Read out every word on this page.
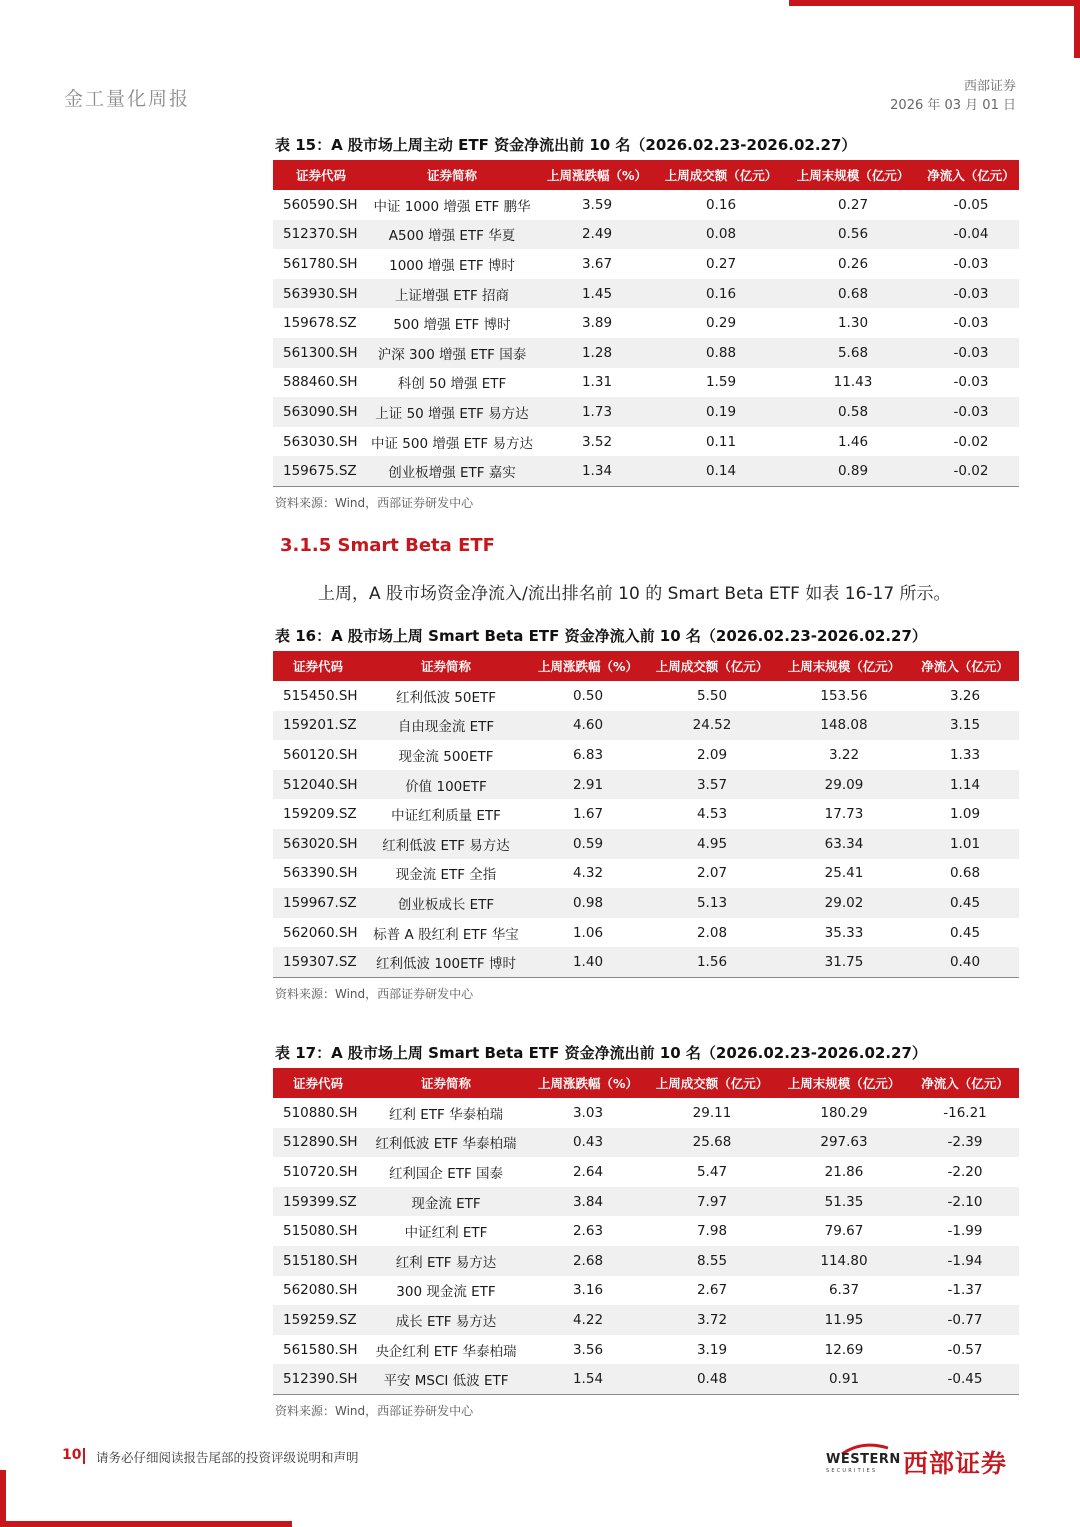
金工量化周报
西部证券
2026 年 03 月 01 日
表 15：A 股市场上周主动 ETF 资金净流出前 10 名（2026.02.23-2026.02.27）
证券代码	证券简称	上周涨跌幅（%）	上周成交额（亿元）	上周末规模（亿元）	净流入（亿元）
560590.SH	中证 1000 增强 ETF 鹏华	3.59	0.16	0.27	-0.05
512370.SH	A500 增强 ETF 华夏	2.49	0.08	0.56	-0.04
561780.SH	1000 增强 ETF 博时	3.67	0.27	0.26	-0.03
563930.SH	上证增强 ETF 招商	1.45	0.16	0.68	-0.03
159678.SZ	500 增强 ETF 博时	3.89	0.29	1.30	-0.03
561300.SH	沪深 300 增强 ETF 国泰	1.28	0.88	5.68	-0.03
588460.SH	科创 50 增强 ETF	1.31	1.59	11.43	-0.03
563090.SH	上证 50 增强 ETF 易方达	1.73	0.19	0.58	-0.03
563030.SH	中证 500 增强 ETF 易方达	3.52	0.11	1.46	-0.02
159675.SZ	创业板增强 ETF 嘉实	1.34	0.14	0.89	-0.02
资料来源：Wind，西部证券研发中心
3.1.5 Smart Beta ETF
上周，A 股市场资金净流入/流出排名前 10 的 Smart Beta ETF 如表 16-17 所示。
表 16：A 股市场上周 Smart Beta ETF 资金净流入前 10 名（2026.02.23-2026.02.27）
证券代码	证券简称	上周涨跌幅（%）	上周成交额（亿元）	上周末规模（亿元）	净流入（亿元）
515450.SH	红利低波 50ETF	0.50	5.50	153.56	3.26
159201.SZ	自由现金流 ETF	4.60	24.52	148.08	3.15
560120.SH	现金流 500ETF	6.83	2.09	3.22	1.33
512040.SH	价值 100ETF	2.91	3.57	29.09	1.14
159209.SZ	中证红利质量 ETF	1.67	4.53	17.73	1.09
563020.SH	红利低波 ETF 易方达	0.59	4.95	63.34	1.01
563390.SH	现金流 ETF 全指	4.32	2.07	25.41	0.68
159967.SZ	创业板成长 ETF	0.98	5.13	29.02	0.45
562060.SH	标普 A 股红利 ETF 华宝	1.06	2.08	35.33	0.45
159307.SZ	红利低波 100ETF 博时	1.40	1.56	31.75	0.40
资料来源：Wind，西部证券研发中心
表 17：A 股市场上周 Smart Beta ETF 资金净流出前 10 名（2026.02.23-2026.02.27）
证券代码	证券简称	上周涨跌幅（%）	上周成交额（亿元）	上周末规模（亿元）	净流入（亿元）
510880.SH	红利 ETF 华泰柏瑞	3.03	29.11	180.29	-16.21
512890.SH	红利低波 ETF 华泰柏瑞	0.43	25.68	297.63	-2.39
510720.SH	红利国企 ETF 国泰	2.64	5.47	21.86	-2.20
159399.SZ	现金流 ETF	3.84	7.97	51.35	-2.10
515080.SH	中证红利 ETF	2.63	7.98	79.67	-1.99
515180.SH	红利 ETF 易方达	2.68	8.55	114.80	-1.94
562080.SH	300 现金流 ETF	3.16	2.67	6.37	-1.37
159259.SZ	成长 ETF 易方达	4.22	3.72	11.95	-0.77
561580.SH	央企红利 ETF 华泰柏瑞	3.56	3.19	12.69	-0.57
512390.SH	平安 MSCI 低波 ETF	1.54	0.48	0.91	-0.45
资料来源：Wind，西部证券研发中心
10 请务必仔细阅读报告尾部的投资评级说明和声明	WESTERN
SECURITIES 西部证券
